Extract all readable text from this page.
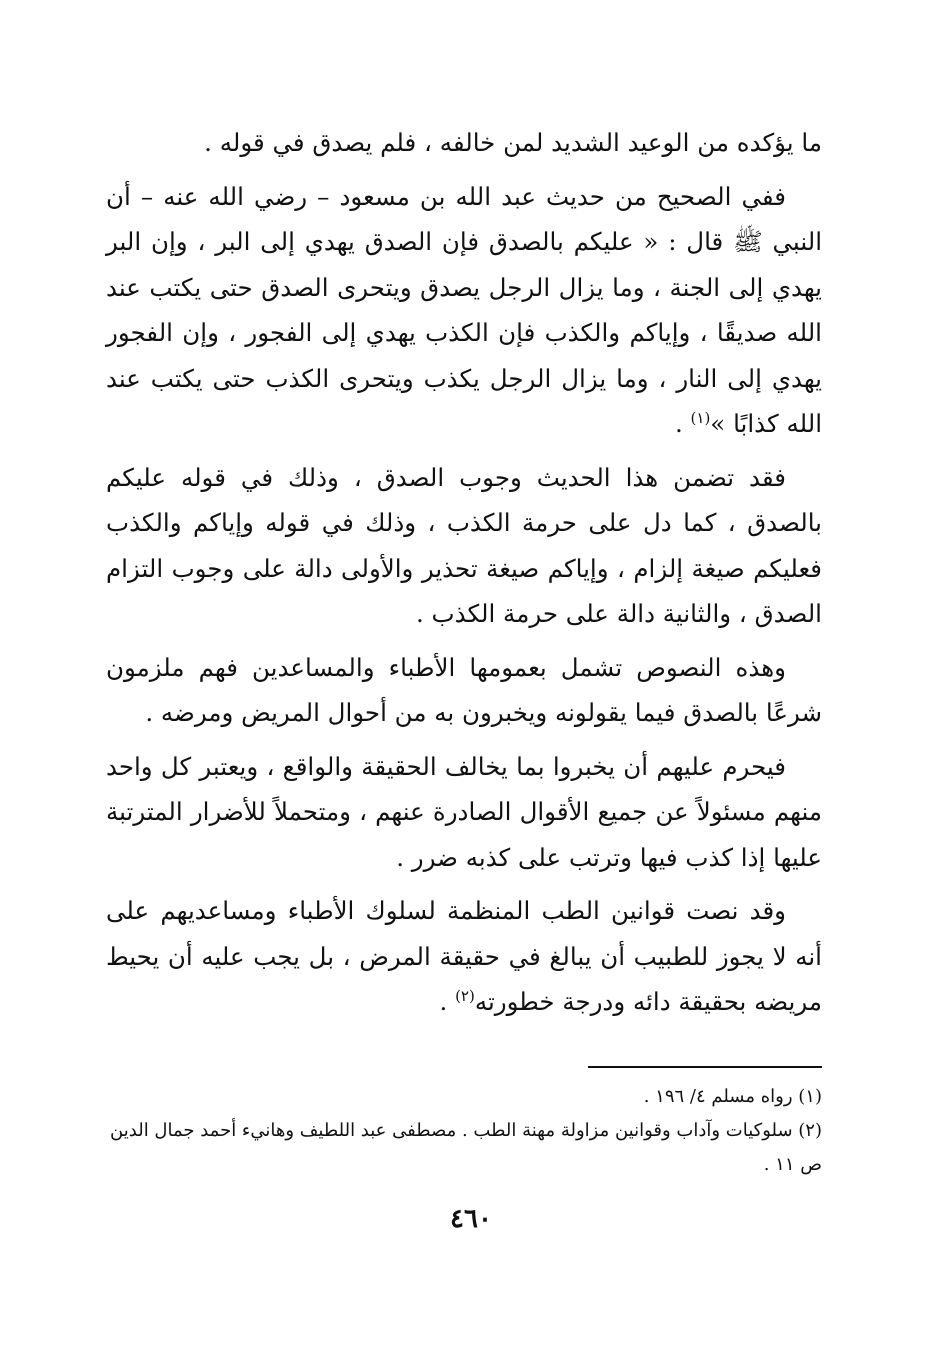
ما يؤكده من الوعيد الشديد لمن خالفه ، فلم يصدق في قوله .

ففي الصحيح من حديث عبد الله بن مسعود – رضي الله عنه – أن النبي ﷺ قال : « عليكم بالصدق فإن الصدق يهدي إلى البر ، وإن البر يهدي إلى الجنة ، وما يزال الرجل يصدق ويتحرى الصدق حتى يكتب عند الله صديقًا ، وإياكم والكذب فإن الكذب يهدي إلى الفجور ، وإن الفجور يهدي إلى النار ، وما يزال الرجل يكذب ويتحرى الكذب حتى يكتب عند الله كذابًا »$^{(١)}$ .

فقد تضمن هذا الحديث وجوب الصدق ، وذلك في قوله عليكم بالصدق ، كما دل على حرمة الكذب ، وذلك في قوله وإياكم والكذب فعليكم صيغة إلزام ، وإياكم صيغة تحذير والأولى دالة على وجوب التزام الصدق ، والثانية دالة على حرمة الكذب .

وهذه النصوص تشمل بعمومها الأطباء والمساعدين فهم ملزمون شرعًا بالصدق فيما يقولونه ويخبرون به من أحوال المريض ومرضه .

فيحرم عليهم أن يخبروا بما يخالف الحقيقة والواقع ، ويعتبر كل واحد منهم مسئولاً عن جميع الأقوال الصادرة عنهم ، ومتحملاً للأضرار المترتبة عليها إذا كذب فيها وترتب على كذبه ضرر .

وقد نصت قوانين الطب المنظمة لسلوك الأطباء ومساعديهم على أنه لا يجوز للطبيب أن يبالغ في حقيقة المرض ، بل يجب عليه أن يحيط مريضه بحقيقة دائه ودرجة خطورته$^{(٢)}$ .

(١) رواه مسلم ٤/ ١٩٦ .

(٢) سلوكيات وآداب وقوانين مزاولة مهنة الطب . مصطفى عبد اللطيف وهانيء أحمد جمال الدين ص ١١ .

٤٦٠
